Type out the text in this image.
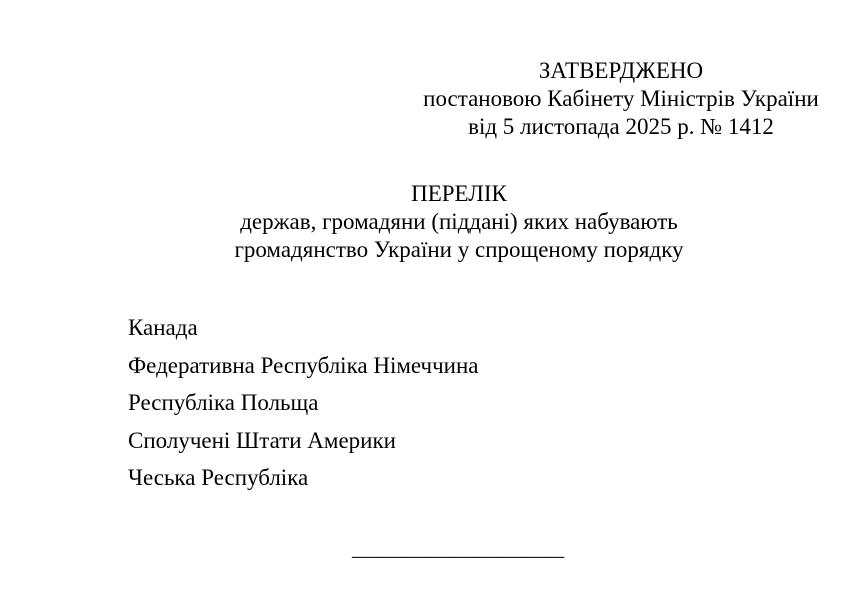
ЗАТВЕРДЖЕНО
постановою Кабінету Міністрів України
від 5 листопада 2025 р. № 1412
ПЕРЕЛІК
держав, громадяни (піддані) яких набувають
громадянство України у спрощеному порядку
Канада
Федеративна Республіка Німеччина
Республіка Польща
Сполучені Штати Америки
Чеська Республіка
__________________
